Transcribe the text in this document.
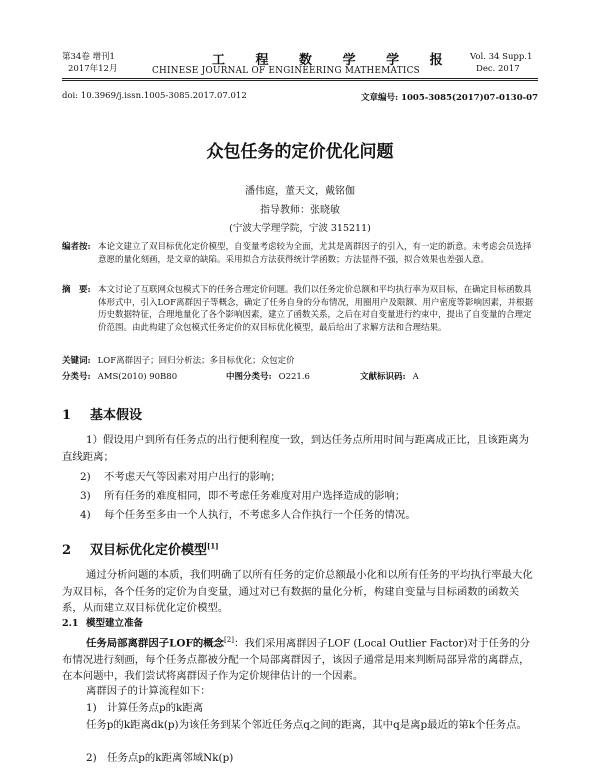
第34卷 增刊1
2017年12月
工 程 数 学 学 报
CHINESE JOURNAL OF ENGINEERING MATHEMATICS
Vol. 34 Supp.1
Dec. 2017
doi: 10.3969/j.issn.1005-3085.2017.07.012	文章编号: 1005-3085(2017)07-0130-07
众包任务的定价优化问题
潘伟庭，董天文，戴铭伽
指导教师：张晓敏
(宁波大学理学院，宁波 315211)
编者按: 本论文建立了双目标优化定价模型，自变量考虑较为全面，尤其是离群因子的引入，有一定的新意。未考虑会员选择意愿的量化刻画，是文章的缺陷。采用拟合方法获得统计学函数；方法显得不强，拟合效果也差强人意。
摘　要: 本文讨论了互联网众包模式下的任务合理定价问题。我们以任务定价总额和平均执行率为双目标，在确定目标函数具体形式中，引入LOF离群因子等概念，确定了任务自身的分布情况，用圈用户及限额、用户密度等影响因素，并根据历史数据特征，合理地量化了各个影响因素，建立了函数关系，之后在对自变量进行约束中，提出了自变量的合理定价范围。由此构建了众包模式任务定价的双目标优化模型，最后给出了求解方法和合理结果。
关键词: LOF离群因子；回归分析法；多目标优化；众包定价
分类号: AMS(2010) 90B80	中图分类号: O221.6	文献标识码: A
1 基本假设
1）假设用户到所有任务点的出行便利程度一致，到达任务点所用时间与距离成正比，且该距离为直线距离；
2) 不考虑天气等因素对用户出行的影响；
3) 所有任务的难度相同，即不考虑任务难度对用户选择造成的影响；
4) 每个任务至多由一个人执行，不考虑多人合作执行一个任务的情况。
2 双目标优化定价模型[1]
通过分析问题的本质，我们明确了以所有任务的定价总额最小化和以所有任务的平均执行率最大化为双目标，各个任务的定价为自变量，通过对已有数据的量化分析，构建自变量与目标函数的函数关系，从而建立双目标优化定价模型。
2.1 模型建立准备
任务局部离群因子LOF的概念[2]：我们采用离群因子LOF (Local Outlier Factor)对于任务的分布情况进行刻画，每个任务点都被分配一个局部离群因子，该因子通常是用来判断局部异常的离群点，在本问题中，我们尝试将离群因子作为定价规律估计的一个因素。
离群因子的计算流程如下：
1)　计算任务点p的k距离
任务p的k距离dk(p)为该任务到某个邻近任务点q之间的距离，其中q是离p最近的第k个任务点。
2)　任务点p的k距离邻域Nk(p)
